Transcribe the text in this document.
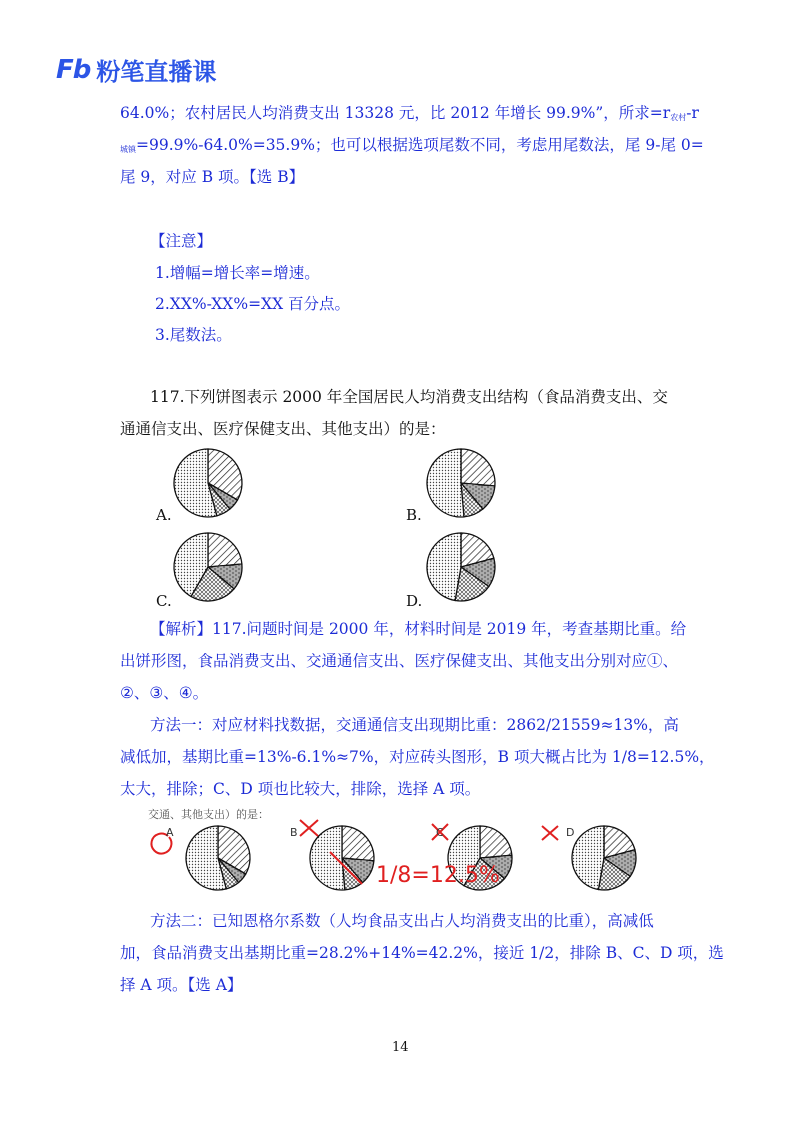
Fb 粉笔直播课
64.0%；农村居民人均消费支出 13328 元，比 2012 年增长 99.9%”，所求$=r_{农村}-r$
$_{城镇}$=99.9%-64.0%=35.9%；也可以根据选项尾数不同，考虑用尾数法，尾 9-尾 0=
尾 9，对应 B 项。【选 B】
【注意】
1.增幅=增长率=增速。
2.XX%-XX%=XX 百分点。
3.尾数法。
117.下列饼图表示 2000 年全国居民人均消费支出结构（食品消费支出、交
通通信支出、医疗保健支出、其他支出）的是：
A.	B.
C.	D.
【解析】117.问题时间是 2000 年，材料时间是 2019 年，考查基期比重。给
出饼形图，食品消费支出、交通通信支出、医疗保健支出、其他支出分别对应①、
②、③、④。
方法一：对应材料找数据，交通通信支出现期比重：2862/21559≈13%，高
减低加，基期比重=13%-6.1%≈7%，对应砖头图形，B 项大概占比为 1/8=12.5%，
太大，排除；C、D 项也比较大，排除，选择 A 项。
交通、其他支出）的是：
A	B	C	D
1/8=12.5%
方法二：已知恩格尔系数（人均食品支出占人均消费支出的比重），高减低
加，食品消费支出基期比重=28.2%+14%=42.2%，接近 1/2，排除 B、C、D 项，选
择 A 项。【选 A】
14
